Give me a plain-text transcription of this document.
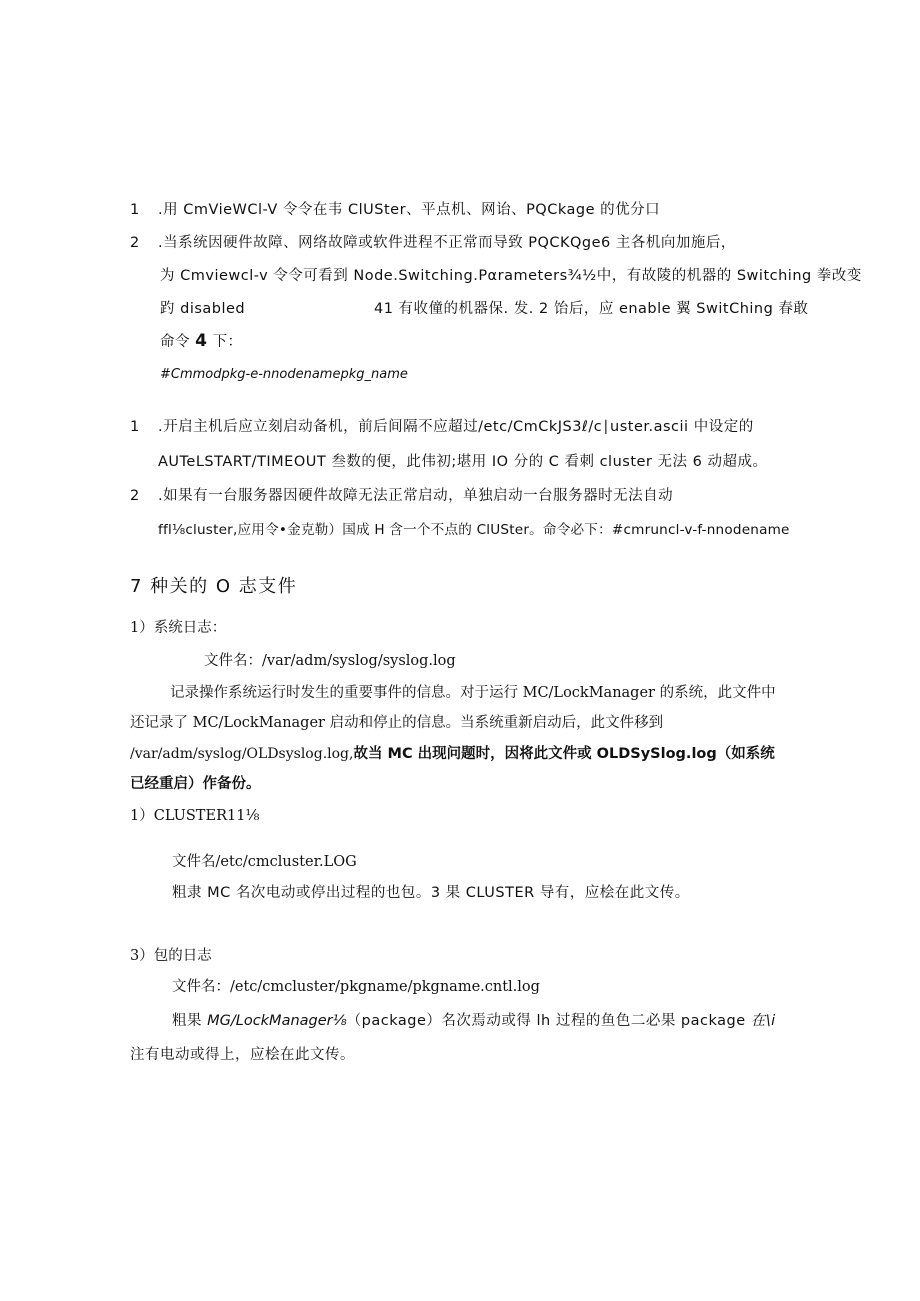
1 .用 CmVieWCl-V 令令在韦 ClUSter、平点机、网诒、PQCkage 的优分口
2 .当系统因硬件故障、网络故障或软件进程不正常而导致 PQCKQge6 主各机向加施后，
为 Cmviewcl-v 令令可看到 Node.Switching.Pαrameters¾½中，有故陵的机器的 Switching 拳改变
趵 disabled	41 有收僮的机器保. 发. 2 饴后，应 enable 翼 SwitChing 春敢
命令 4 下：
#Cmmodpkg-e-nnodenamepkg_name
1 .开启主机后应立刻启动备机，前后间隔不应超过/etc/CmCkJS3ℓ∕c∣uster.ascii 中设定的
AUTeLSTART/TIMEOUT 叁数的便，此伟初;堪用 IO 分的 C 看刺 cluster 无法 6 动超成。
2 .如果有一台服务器因硬件故障无法正常启动，单独启动一台服务器时无法自动
ffl⅛cluster,应用令•金克勒）国成 H 含一个不点的 ClUSter。命令必下：#cmruncl-v-f-nnodename
7 种关的 O 志支件
1）系统日志：
文件名：/var/adm/syslog/syslog.log
记录操作系统运行时发生的重要事件的信息。对于运行 MC/LockManager 的系统，此文件中
还记录了 MC/LockManager 启动和停止的信息。当系统重新启动后，此文件移到
/var/adm/syslog/OLDsyslog.log,故当 MC 出现问题时，因将此文件或 OLDSySlog.log（如系统
已经重启）作备份。
1）CLUSTER11⅛
文件名/etc/cmcluster.LOG
粗隶 MC 名次电动或停出过程的也包。3 果 CLUSTER 导有，应桧在此文传。
3）包的日志
文件名：/etc/cmcluster/pkgname/pkgname.cntl.log
粗果 MG/LockManager⅛（package）名次焉动或得 lh 过程的鱼色二必果 package 在\i
注有电动或得上，应桧在此文传。
